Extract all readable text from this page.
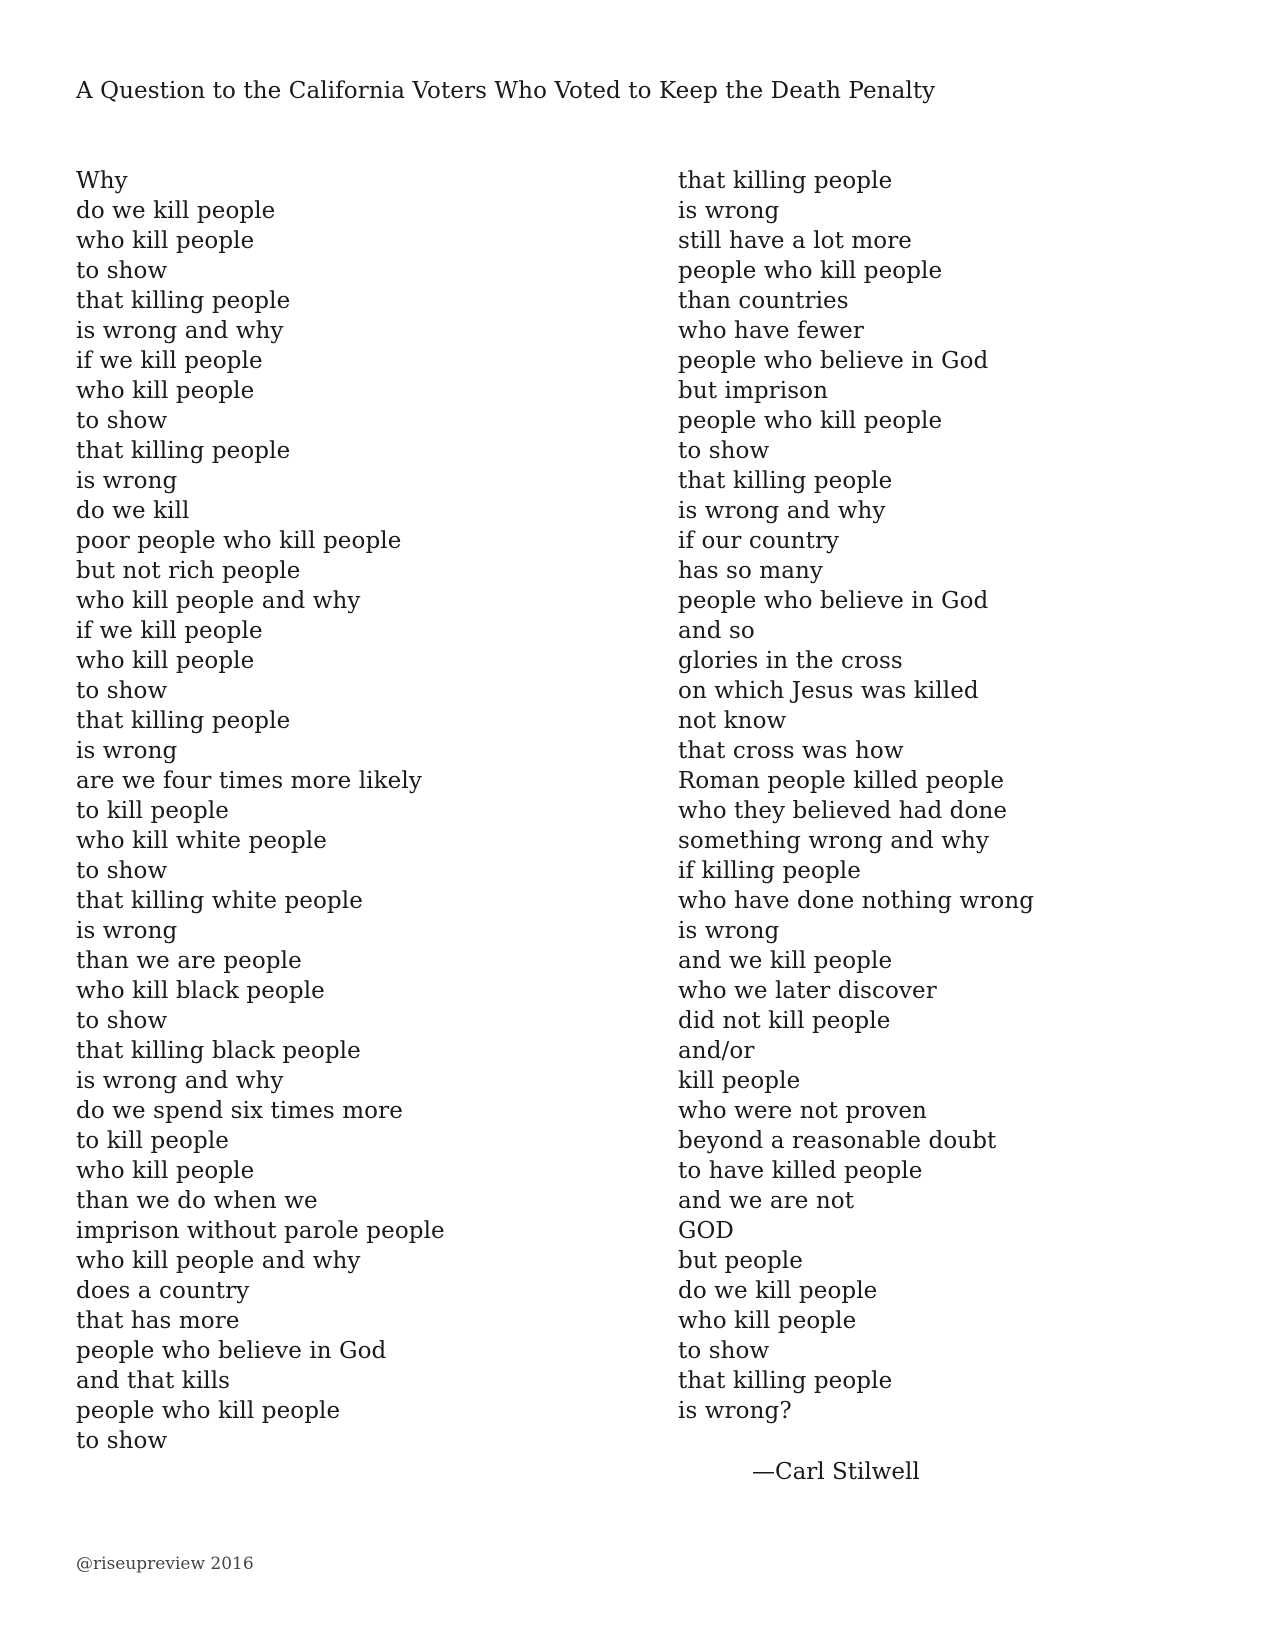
A Question to the California Voters Who Voted to Keep the Death Penalty
Why
do we kill people
who kill people
to show
that killing people
is wrong and why
if we kill people
who kill people
to show
that killing people
is wrong
do we kill
poor people who kill people
but not rich people
who kill people and why
if we kill people
who kill people
to show
that killing people
is wrong
are we four times more likely
to kill people
who kill white people
to show
that killing white people
is wrong
than we are people
who kill black people
to show
that killing black people
is wrong and why
do we spend six times more
to kill people
who kill people
than we do when we
imprison without parole people
who kill people and why
does a country
that has more
people who believe in God
and that kills
people who kill people
to show
that killing people
is wrong
still have a lot more
people who kill people
than countries
who have fewer
people who believe in God
but imprison
people who kill people
to show
that killing people
is wrong and why
if our country
has so many
people who believe in God
and so
glories in the cross
on which Jesus was killed
not know
that cross was how
Roman people killed people
who they believed had done
something wrong and why
if killing people
who have done nothing wrong
is wrong
and we kill people
who we later discover
did not kill people
and/or
kill people
who were not proven
beyond a reasonable doubt
to have killed people
and we are not
GOD
but people
do we kill people
who kill people
to show
that killing people
is wrong?
—Carl Stilwell
@riseupreview 2016
